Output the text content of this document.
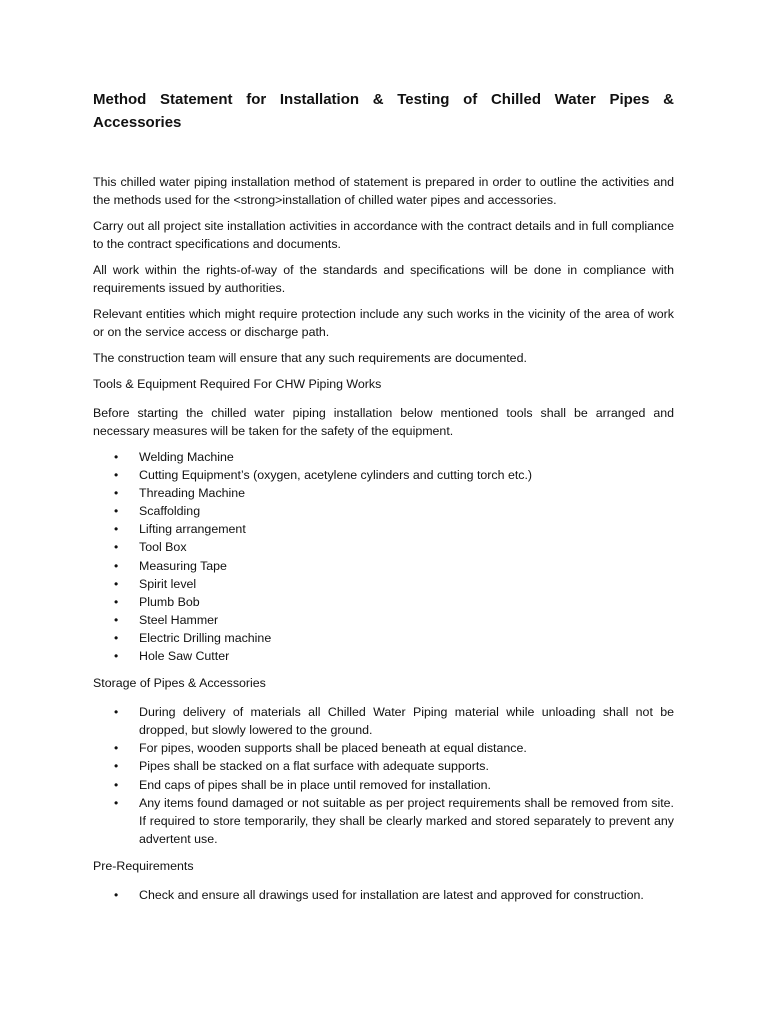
Method Statement for Installation & Testing of Chilled Water Pipes & Accessories

This chilled water piping installation method of statement is prepared in order to outline the activities and the methods used for the <strong>installation of chilled water pipes and accessories.

Carry out all project site installation activities in accordance with the contract details and in full compliance to the contract specifications and documents.

All work within the rights-of-way of the standards and specifications will be done in compliance with requirements issued by authorities.

Relevant entities which might require protection include any such works in the vicinity of the area of work or on the service access or discharge path.

The construction team will ensure that any such requirements are documented.

Tools & Equipment Required For CHW Piping Works

Before starting the chilled water piping installation below mentioned tools shall be arranged and necessary measures will be taken for the safety of the equipment.

• Welding Machine
• Cutting Equipment’s (oxygen, acetylene cylinders and cutting torch etc.)
• Threading Machine
• Scaffolding
• Lifting arrangement
• Tool Box
• Measuring Tape
• Spirit level
• Plumb Bob
• Steel Hammer
• Electric Drilling machine
• Hole Saw Cutter

Storage of Pipes & Accessories

• During delivery of materials all Chilled Water Piping material while unloading shall not be dropped, but slowly lowered to the ground.
• For pipes, wooden supports shall be placed beneath at equal distance.
• Pipes shall be stacked on a flat surface with adequate supports.
• End caps of pipes shall be in place until removed for installation.
• Any items found damaged or not suitable as per project requirements shall be removed from site. If required to store temporarily, they shall be clearly marked and stored separately to prevent any advertent use.

Pre-Requirements

• Check and ensure all drawings used for installation are latest and approved for construction.
